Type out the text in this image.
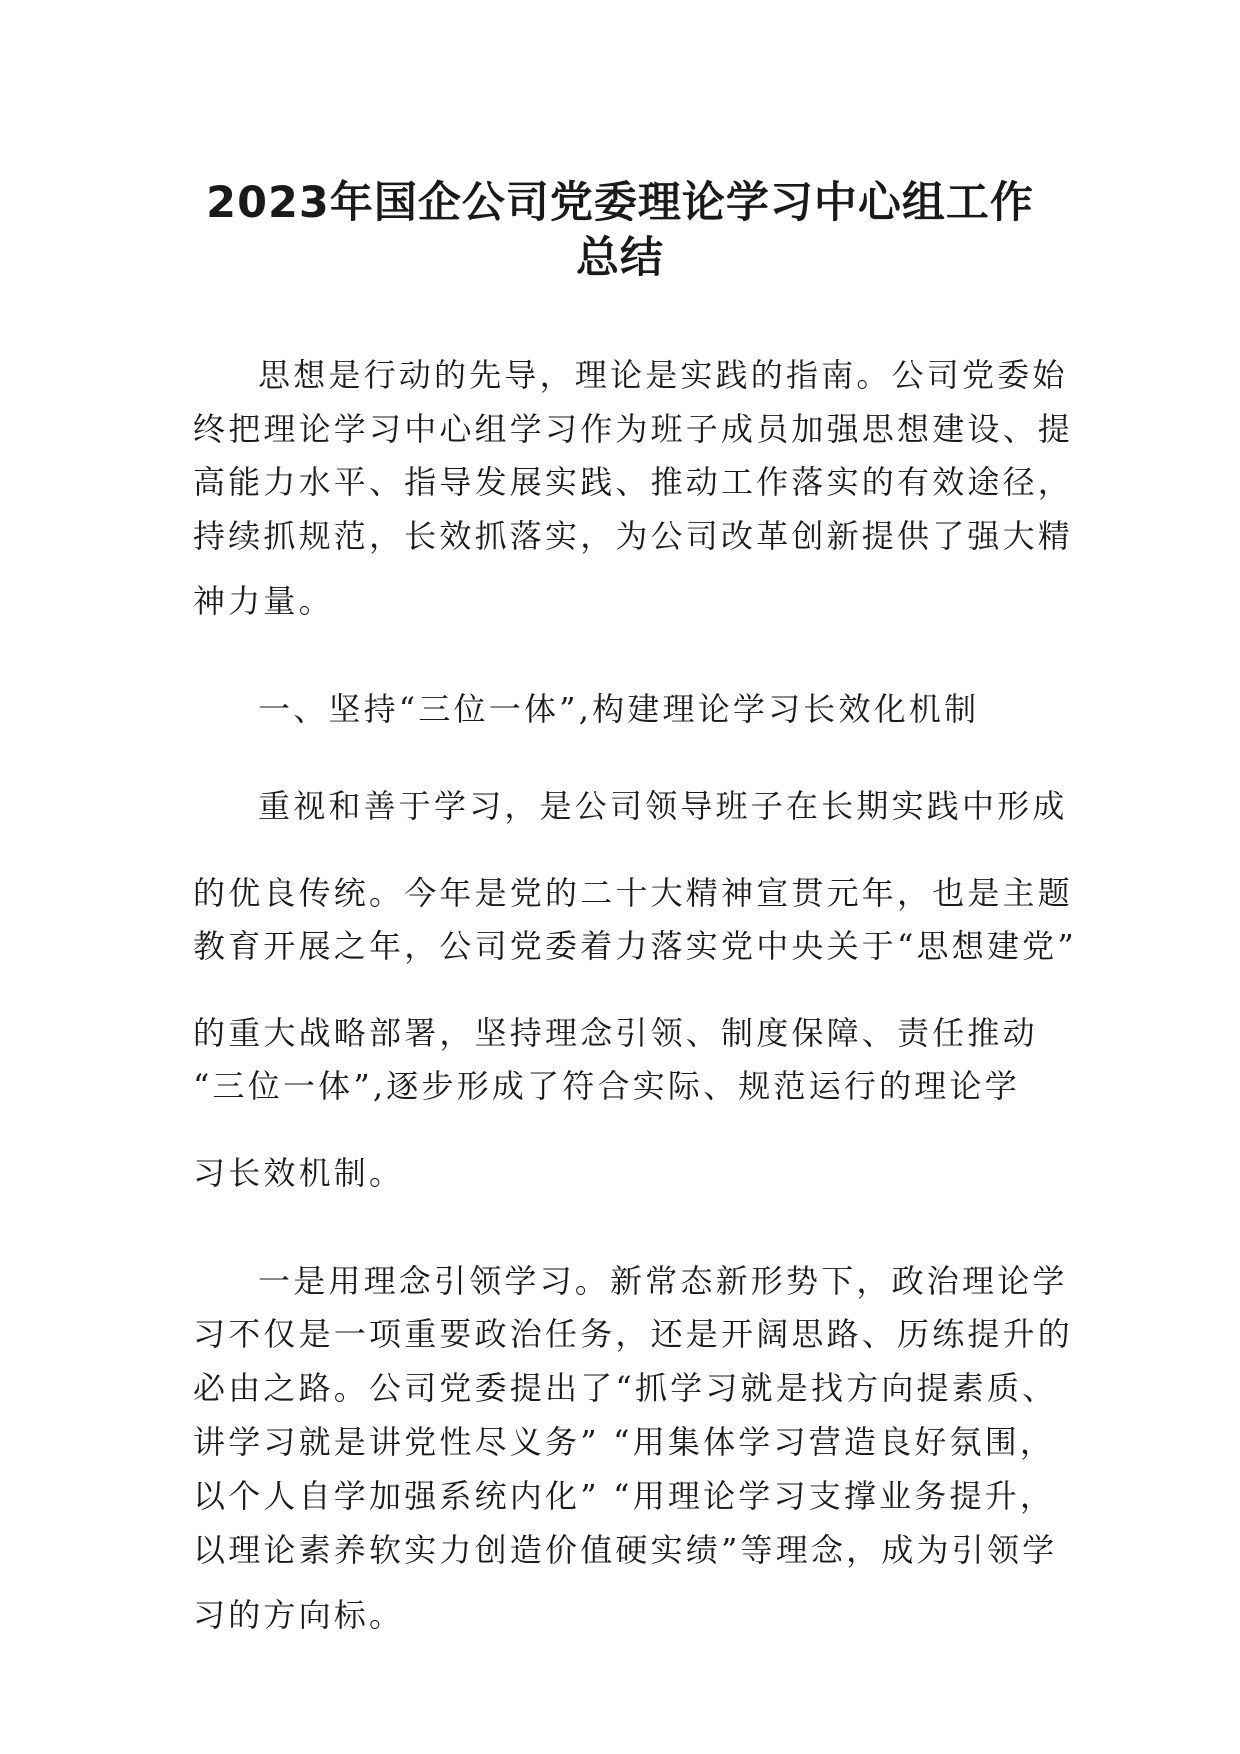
2023年国企公司党委理论学习中心组工作
总结
思想是行动的先导，理论是实践的指南。公司党委始
终把理论学习中心组学习作为班子成员加强思想建设、提
高能力水平、指导发展实践、推动工作落实的有效途径，
持续抓规范，长效抓落实，为公司改革创新提供了强大精
神力量。
一、坚持“三位一体”,构建理论学习长效化机制
重视和善于学习，是公司领导班子在长期实践中形成
的优良传统。今年是党的二十大精神宣贯元年，也是主题
教育开展之年，公司党委着力落实党中央关于“思想建党”
的重大战略部署，坚持理念引领、制度保障、责任推动
“三位一体”,逐步形成了符合实际、规范运行的理论学
习长效机制。
一是用理念引领学习。新常态新形势下，政治理论学
习不仅是一项重要政治任务，还是开阔思路、历练提升的
必由之路。公司党委提出了“抓学习就是找方向提素质、
讲学习就是讲党性尽义务” “用集体学习营造良好氛围，
以个人自学加强系统内化” “用理论学习支撑业务提升，
以理论素养软实力创造价值硬实绩”等理念，成为引领学
习的方向标。
